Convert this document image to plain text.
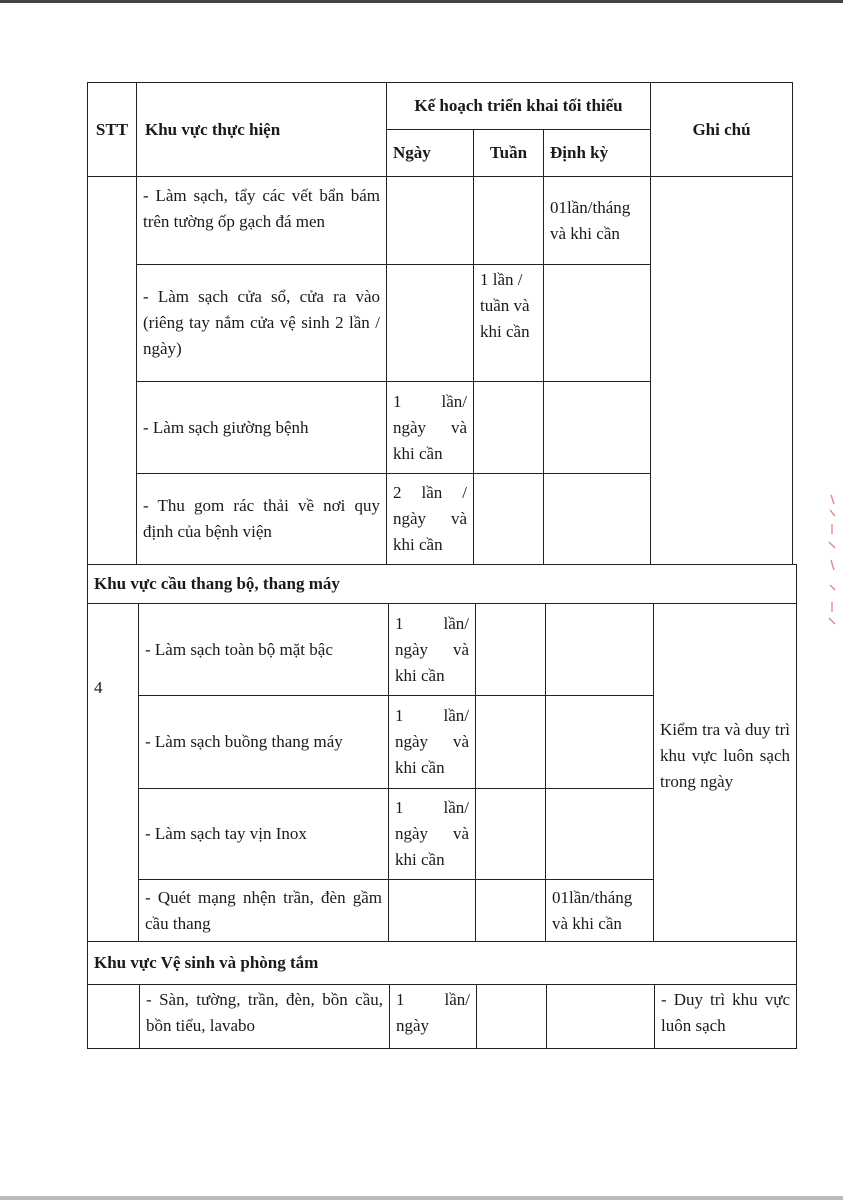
STT Khu vực thực hiện
Kế hoạch triển khai tối thiểu
Ngày	Tuần	Định kỳ
Ghi chú
- Làm sạch, tẩy các vết bẩn bám trên tường ốp gạch đá men
01lần/tháng và khi cần
- Làm sạch cửa sổ, cửa ra vào (riêng tay nắm cửa vệ sinh 2 lần / ngày)
1 lần / tuần và khi cần
- Làm sạch giường bệnh
1 lần/ ngày và khi cần
- Thu gom rác thải về nơi quy định của bệnh viện
2 lần / ngày và khi cần
Khu vực cầu thang bộ, thang máy
4
- Làm sạch toàn bộ mặt bậc
1 lần/ ngày và khi cần
- Làm sạch buồng thang máy
1 lần/ ngày và khi cần
- Làm sạch tay vịn Inox
1 lần/ ngày và khi cần
- Quét mạng nhện trần, đèn gầm cầu thang
01lần/tháng và khi cần
Kiểm tra và duy trì khu vực luôn sạch trong ngày
Khu vực Vệ sinh và phòng tắm
- Sàn, tường, trần, đèn, bồn cầu, bồn tiểu, lavabo
1 lần/ ngày
- Duy trì khu vực luôn sạch
